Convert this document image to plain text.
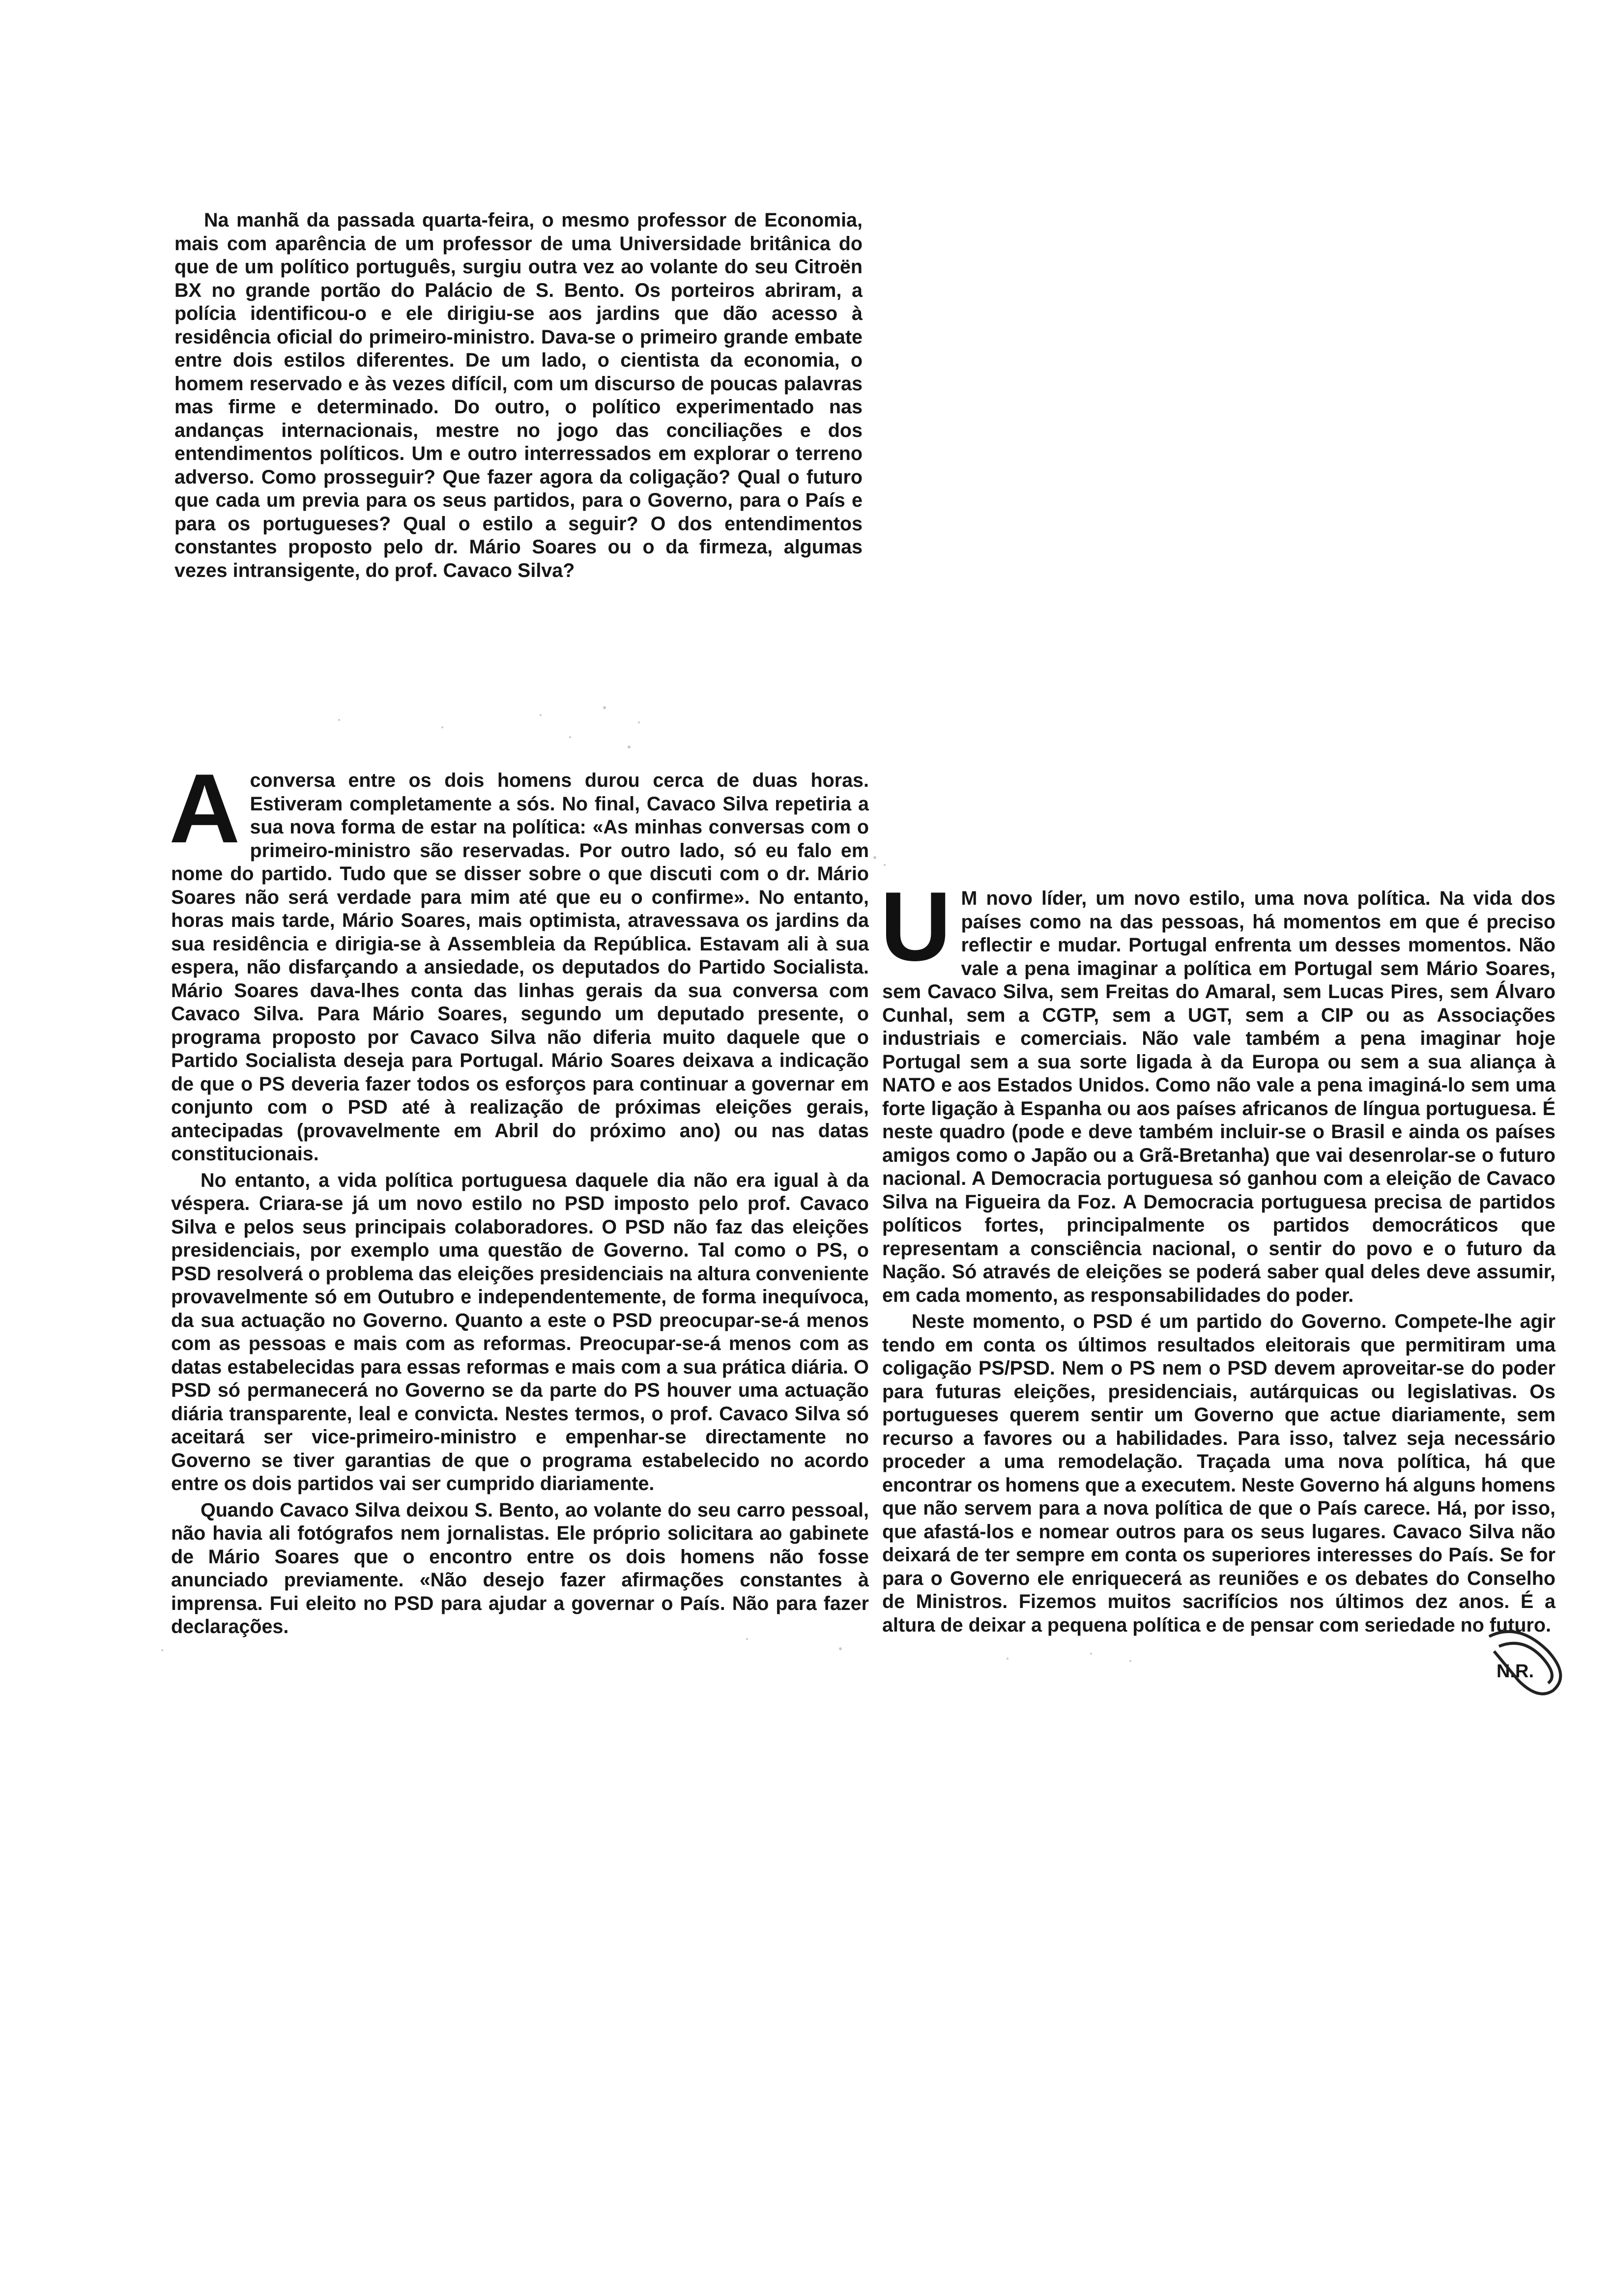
Na manhã da passada quarta-feira, o mesmo professor de Economia, mais com aparência de um professor de uma Universidade britânica do que de um político português, surgiu outra vez ao volante do seu Citroën BX no grande portão do Palácio de S. Bento. Os porteiros abriram, a polícia identificou-o e ele dirigiu-se aos jardins que dão acesso à residência oficial do primeiro-ministro. Dava-se o primeiro grande embate entre dois estilos diferentes. De um lado, o cientista da economia, o homem reservado e às vezes difícil, com um discurso de poucas palavras mas firme e determinado. Do outro, o político experimentado nas andanças internacionais, mestre no jogo das conciliações e dos entendimentos políticos. Um e outro interressados em explorar o terreno adverso. Como prosseguir? Que fazer agora da coligação? Qual o futuro que cada um previa para os seus partidos, para o Governo, para o País e para os portugueses? Qual o estilo a seguir? O dos entendimentos constantes proposto pelo dr. Mário Soares ou o da firmeza, algumas vezes intransigente, do prof. Cavaco Silva?

A conversa entre os dois homens durou cerca de duas horas. Estiveram completamente a sós. No final, Cavaco Silva repetiria a sua nova forma de estar na política: «As minhas conversas com o primeiro-ministro são reservadas. Por outro lado, só eu falo em nome do partido. Tudo que se disser sobre o que discuti com o dr. Mário Soares não será verdade para mim até que eu o confirme». No entanto, horas mais tarde, Mário Soares, mais optimista, atravessava os jardins da sua residência e dirigia-se à Assembleia da República. Estavam ali à sua espera, não disfarçando a ansiedade, os deputados do Partido Socialista. Mário Soares dava-lhes conta das linhas gerais da sua conversa com Cavaco Silva. Para Mário Soares, segundo um deputado presente, o programa proposto por Cavaco Silva não diferia muito daquele que o Partido Socialista deseja para Portugal. Mário Soares deixava a indicação de que o PS deveria fazer todos os esforços para continuar a governar em conjunto com o PSD até à realização de próximas eleições gerais, antecipadas (provavelmente em Abril do próximo ano) ou nas datas constitucionais.

No entanto, a vida política portuguesa daquele dia não era igual à da véspera. Criara-se já um novo estilo no PSD imposto pelo prof. Cavaco Silva e pelos seus principais colaboradores. O PSD não faz das eleições presidenciais, por exemplo uma questão de Governo. Tal como o PS, o PSD resolverá o problema das eleições presidenciais na altura conveniente provavelmente só em Outubro e independentemente, de forma inequívoca, da sua actuação no Governo. Quanto a este o PSD preocupar-se-á menos com as pessoas e mais com as reformas. Preocupar-se-á menos com as datas estabelecidas para essas reformas e mais com a sua prática diária. O PSD só permanecerá no Governo se da parte do PS houver uma actuação diária transparente, leal e convicta. Nestes termos, o prof. Cavaco Silva só aceitará ser vice-primeiro-ministro e empenhar-se directamente no Governo se tiver garantias de que o programa estabelecido no acordo entre os dois partidos vai ser cumprido diariamente.

Quando Cavaco Silva deixou S. Bento, ao volante do seu carro pessoal, não havia ali fotógrafos nem jornalistas. Ele próprio solicitara ao gabinete de Mário Soares que o encontro entre os dois homens não fosse anunciado previamente. «Não desejo fazer afirmações constantes à imprensa. Fui eleito no PSD para ajudar a governar o País. Não para fazer declarações.

U M novo líder, um novo estilo, uma nova política. Na vida dos países como na das pessoas, há momentos em que é preciso reflectir e mudar. Portugal enfrenta um desses momentos. Não vale a pena imaginar a política em Portugal sem Mário Soares, sem Cavaco Silva, sem Freitas do Amaral, sem Lucas Pires, sem Álvaro Cunhal, sem a CGTP, sem a UGT, sem a CIP ou as Associações industriais e comerciais. Não vale também a pena imaginar hoje Portugal sem a sua sorte ligada à da Europa ou sem a sua aliança à NATO e aos Estados Unidos. Como não vale a pena imaginá-lo sem uma forte ligação à Espanha ou aos países africanos de língua portuguesa. É neste quadro (pode e deve também incluir-se o Brasil e ainda os países amigos como o Japão ou a Grã-Bretanha) que vai desenrolar-se o futuro nacional. A Democracia portuguesa só ganhou com a eleição de Cavaco Silva na Figueira da Foz. A Democracia portuguesa precisa de partidos políticos fortes, principalmente os partidos democráticos que representam a consciência nacional, o sentir do povo e o futuro da Nação. Só através de eleições se poderá saber qual deles deve assumir, em cada momento, as responsabilidades do poder.

Neste momento, o PSD é um partido do Governo. Compete-lhe agir tendo em conta os últimos resultados eleitorais que permitiram uma coligação PS/PSD. Nem o PS nem o PSD devem aproveitar-se do poder para futuras eleições, presidenciais, autárquicas ou legislativas. Os portugueses querem sentir um Governo que actue diariamente, sem recurso a favores ou a habilidades. Para isso, talvez seja necessário proceder a uma remodelação. Traçada uma nova política, há que encontrar os homens que a executem. Neste Governo há alguns homens que não servem para a nova política de que o País carece. Há, por isso, que afastá-los e nomear outros para os seus lugares. Cavaco Silva não deixará de ter sempre em conta os superiores interesses do País. Se for para o Governo ele enriquecerá as reuniões e os debates do Conselho de Ministros. Fizemos muitos sacrifícios nos últimos dez anos. É a altura de deixar a pequena política e de pensar com seriedade no futuro.

N.R.
